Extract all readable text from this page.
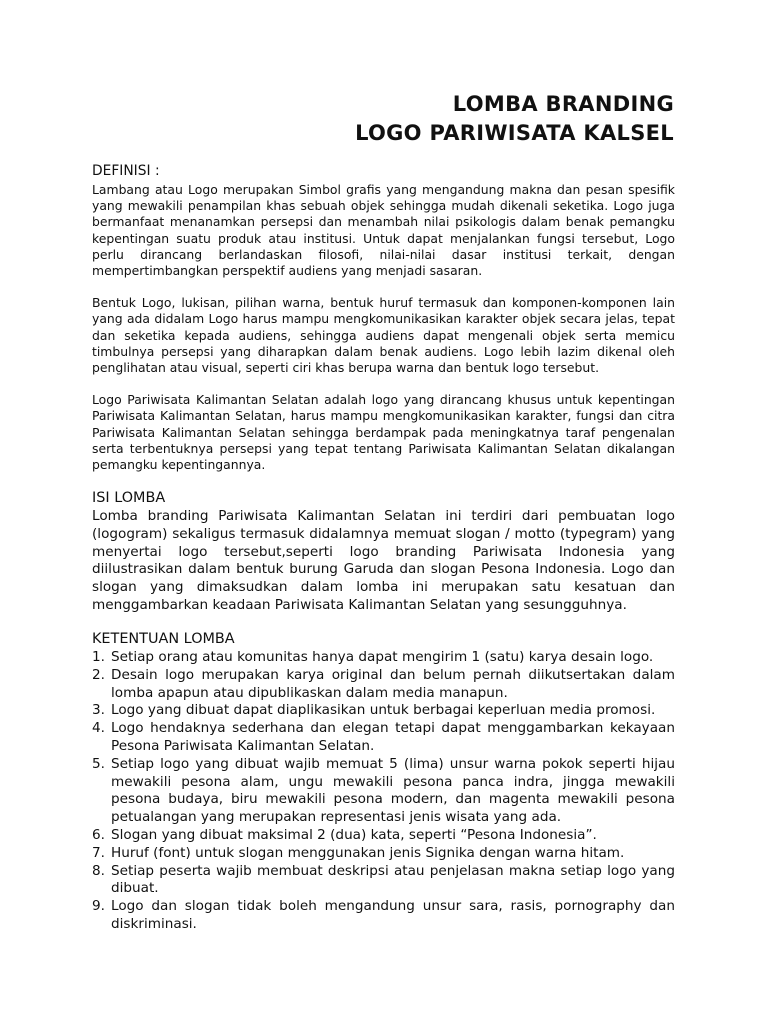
LOMBA BRANDING
LOGO PARIWISATA KALSEL
DEFINISI :

Lambang atau Logo merupakan Simbol grafis yang mengandung makna dan pesan spesifik yang mewakili penampilan khas sebuah objek sehingga mudah dikenali seketika. Logo juga bermanfaat menanamkan persepsi dan menambah nilai psikologis dalam benak pemangku kepentingan suatu produk atau institusi. Untuk dapat menjalankan fungsi tersebut, Logo perlu dirancang berlandaskan filosofi, nilai-nilai dasar institusi terkait, dengan mempertimbangkan perspektif audiens yang menjadi sasaran.

Bentuk Logo, lukisan, pilihan warna, bentuk huruf termasuk dan komponen-komponen lain yang ada didalam Logo harus mampu mengkomunikasikan karakter objek secara jelas, tepat dan seketika kepada audiens, sehingga audiens dapat mengenali objek serta memicu timbulnya persepsi yang diharapkan dalam benak audiens. Logo lebih lazim dikenal oleh penglihatan atau visual, seperti ciri khas berupa warna dan bentuk logo tersebut.

Logo Pariwisata Kalimantan Selatan adalah logo yang dirancang khusus untuk kepentingan Pariwisata Kalimantan Selatan, harus mampu mengkomunikasikan karakter, fungsi dan citra Pariwisata Kalimantan Selatan sehingga berdampak pada meningkatnya taraf pengenalan serta terbentuknya persepsi yang tepat tentang Pariwisata Kalimantan Selatan dikalangan pemangku kepentingannya.

ISI LOMBA

Lomba branding Pariwisata Kalimantan Selatan ini terdiri dari pembuatan logo (logogram) sekaligus termasuk didalamnya memuat slogan / motto (typegram) yang menyertai logo tersebut,seperti logo branding Pariwisata Indonesia yang diilustrasikan dalam bentuk burung Garuda dan slogan Pesona Indonesia. Logo dan slogan yang dimaksudkan dalam lomba ini merupakan satu kesatuan dan menggambarkan keadaan Pariwisata Kalimantan Selatan yang sesungguhnya.

KETENTUAN LOMBA
1. Setiap orang atau komunitas hanya dapat mengirim 1 (satu) karya desain logo.
2. Desain logo merupakan karya original dan belum pernah diikutsertakan dalam lomba apapun atau dipublikaskan dalam media manapun.
3. Logo yang dibuat dapat diaplikasikan untuk berbagai keperluan media promosi.
4. Logo hendaknya sederhana dan elegan tetapi dapat menggambarkan kekayaan Pesona Pariwisata Kalimantan Selatan.
5. Setiap logo yang dibuat wajib memuat 5 (lima) unsur warna pokok seperti hijau mewakili pesona alam, ungu mewakili pesona panca indra, jingga mewakili pesona budaya, biru mewakili pesona modern, dan magenta mewakili pesona petualangan yang merupakan representasi jenis wisata yang ada.
6. Slogan yang dibuat maksimal 2 (dua) kata, seperti “Pesona Indonesia”.
7. Huruf (font) untuk slogan menggunakan jenis Signika dengan warna hitam.
8. Setiap peserta wajib membuat deskripsi atau penjelasan makna setiap logo yang dibuat.
9. Logo dan slogan tidak boleh mengandung unsur sara, rasis, pornography dan diskriminasi.
